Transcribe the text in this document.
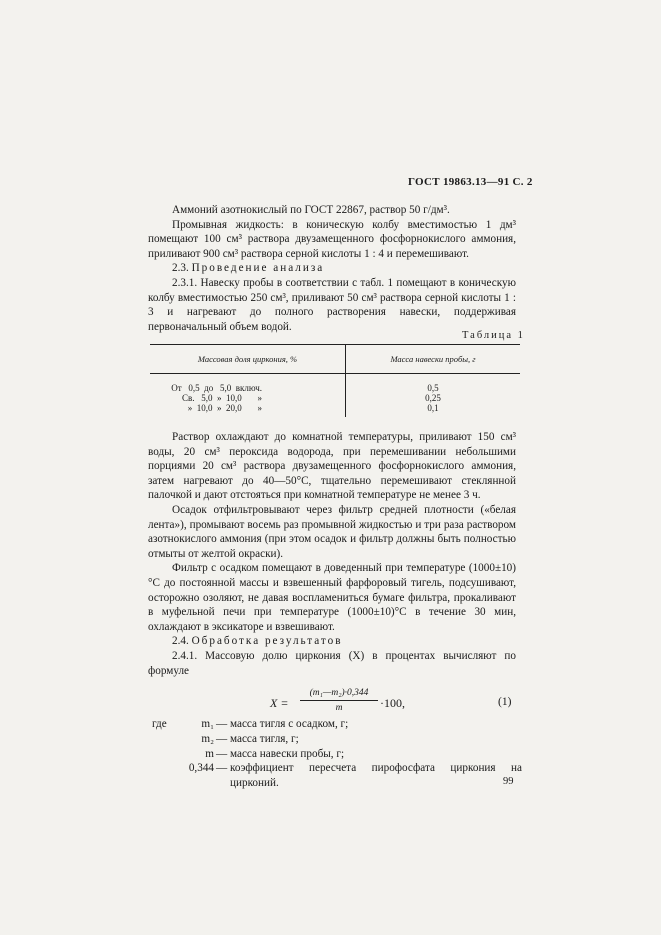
ГОСТ 19863.13—91 С. 2

Аммоний азотнокислый по ГОСТ 22867, раствор 50 г/дм³.

Промывная жидкость: в коническую колбу вместимостью 1 дм³ помещают 100 см³ раствора двузамещенного фосфорнокислого аммония, приливают 900 см³ раствора серной кислоты 1 : 4 и перемешивают.

2.3. Проведение анализа

2.3.1. Навеску пробы в соответствии с табл. 1 помещают в коническую колбу вместимостью 250 см³, приливают 50 см³ раствора серной кислоты 1 : 3 и нагревают до полного растворения навески, поддерживая первоначальный объем водой.

Таблица 1
Массовая доля циркония, %	Масса навески пробы, г
От   0,5  до   5,0  включ.	0,5
Св.   5,0  »  10,0       »	0,25
»  10,0  »  20,0       »	0,1

Раствор охлаждают до комнатной температуры, приливают 150 см³ воды, 20 см³ пероксида водорода, при перемешивании небольшими порциями 20 см³ раствора двузамещенного фосфорнокислого аммония, затем нагревают до 40—50°С, тщательно перемешивают стеклянной палочкой и дают отстояться при комнатной температуре не менее 3 ч.

Осадок отфильтровывают через фильтр средней плотности («белая лента»), промывают восемь раз промывной жидкостью и три раза раствором азотнокислого аммония (при этом осадок и фильтр должны быть полностью отмыты от желтой окраски).

Фильтр с осадком помещают в доведенный при температуре (1000±10)°С до постоянной массы и взвешенный фарфоровый тигель, подсушивают, осторожно озоляют, не давая воспламениться бумаге фильтра, прокаливают в муфельной печи при температуре (1000±10)°С в течение 30 мин, охлаждают в эксикаторе и взвешивают.

2.4. Обработка результатов

2.4.1. Массовую долю циркония (X) в процентах вычисляют по формуле

$X = \frac{\text{(m₁—m₂)·0,344}}{m} \cdot 100$,	(1)
где	m₁ — масса тигля с осадком, г;
m₂ — масса тигля, г;
m — масса навески пробы, г;
0,344 — коэффициент пересчета пирофосфата циркония на цирконий.	99
